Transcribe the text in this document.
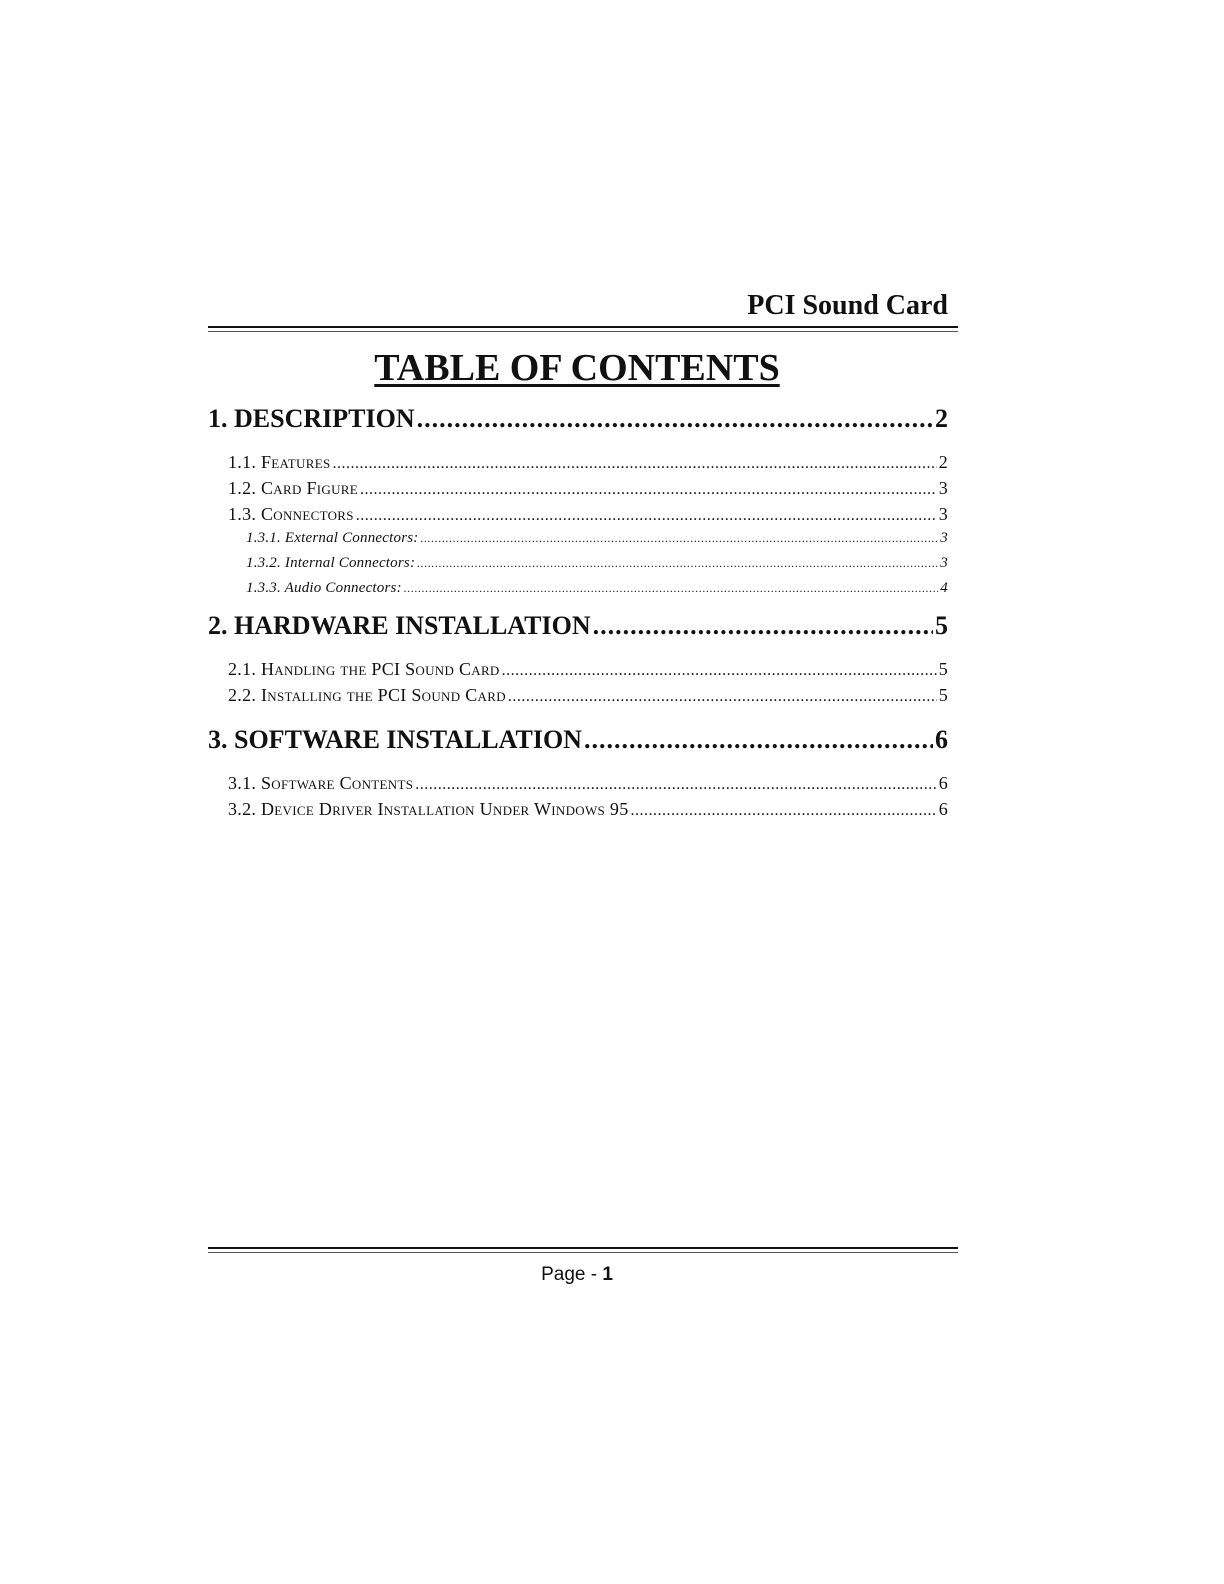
PCI Sound Card
TABLE OF CONTENTS
1. DESCRIPTION .....	2
1.1. Features .....	2
1.2. Card Figure .....	3
1.3. Connectors .....	3
1.3.1. External Connectors: .....	3
1.3.2. Internal Connectors: .....	3
1.3.3. Audio Connectors: .....	4
2. HARDWARE INSTALLATION .....	5
2.1. Handling the PCI Sound Card .....	5
2.2. Installing the PCI Sound Card .....	5
3. SOFTWARE INSTALLATION .....	6
3.1. Software Contents .....	6
3.2. Device Driver Installation Under Windows 95 .....	6
Page - 1
